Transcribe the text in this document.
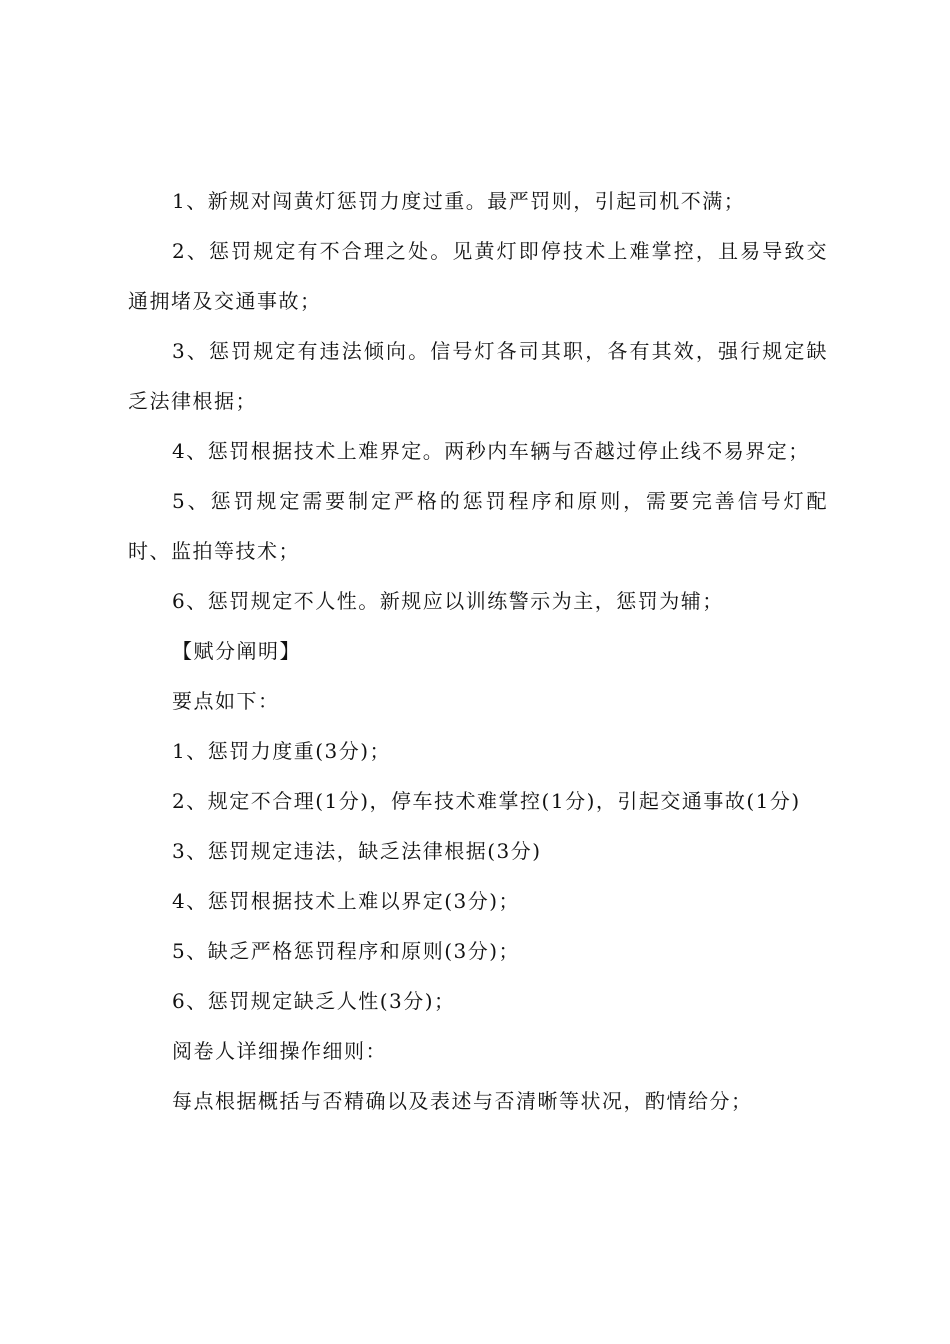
1、新规对闯黄灯惩罚力度过重。最严罚则，引起司机不满；

2、惩罚规定有不合理之处。见黄灯即停技术上难掌控，且易导致交通拥堵及交通事故；

3、惩罚规定有违法倾向。信号灯各司其职，各有其效，强行规定缺乏法律根据；

4、惩罚根据技术上难界定。两秒内车辆与否越过停止线不易界定；

5、惩罚规定需要制定严格的惩罚程序和原则，需要完善信号灯配时、监拍等技术；

6、惩罚规定不人性。新规应以训练警示为主，惩罚为辅；

【赋分阐明】

要点如下：

1、惩罚力度重(3分)；

2、规定不合理(1分)，停车技术难掌控(1分)，引起交通事故(1分)

3、惩罚规定违法，缺乏法律根据(3分)

4、惩罚根据技术上难以界定(3分)；

5、缺乏严格惩罚程序和原则(3分)；

6、惩罚规定缺乏人性(3分)；

阅卷人详细操作细则：

每点根据概括与否精确以及表述与否清晰等状况，酌情给分；
